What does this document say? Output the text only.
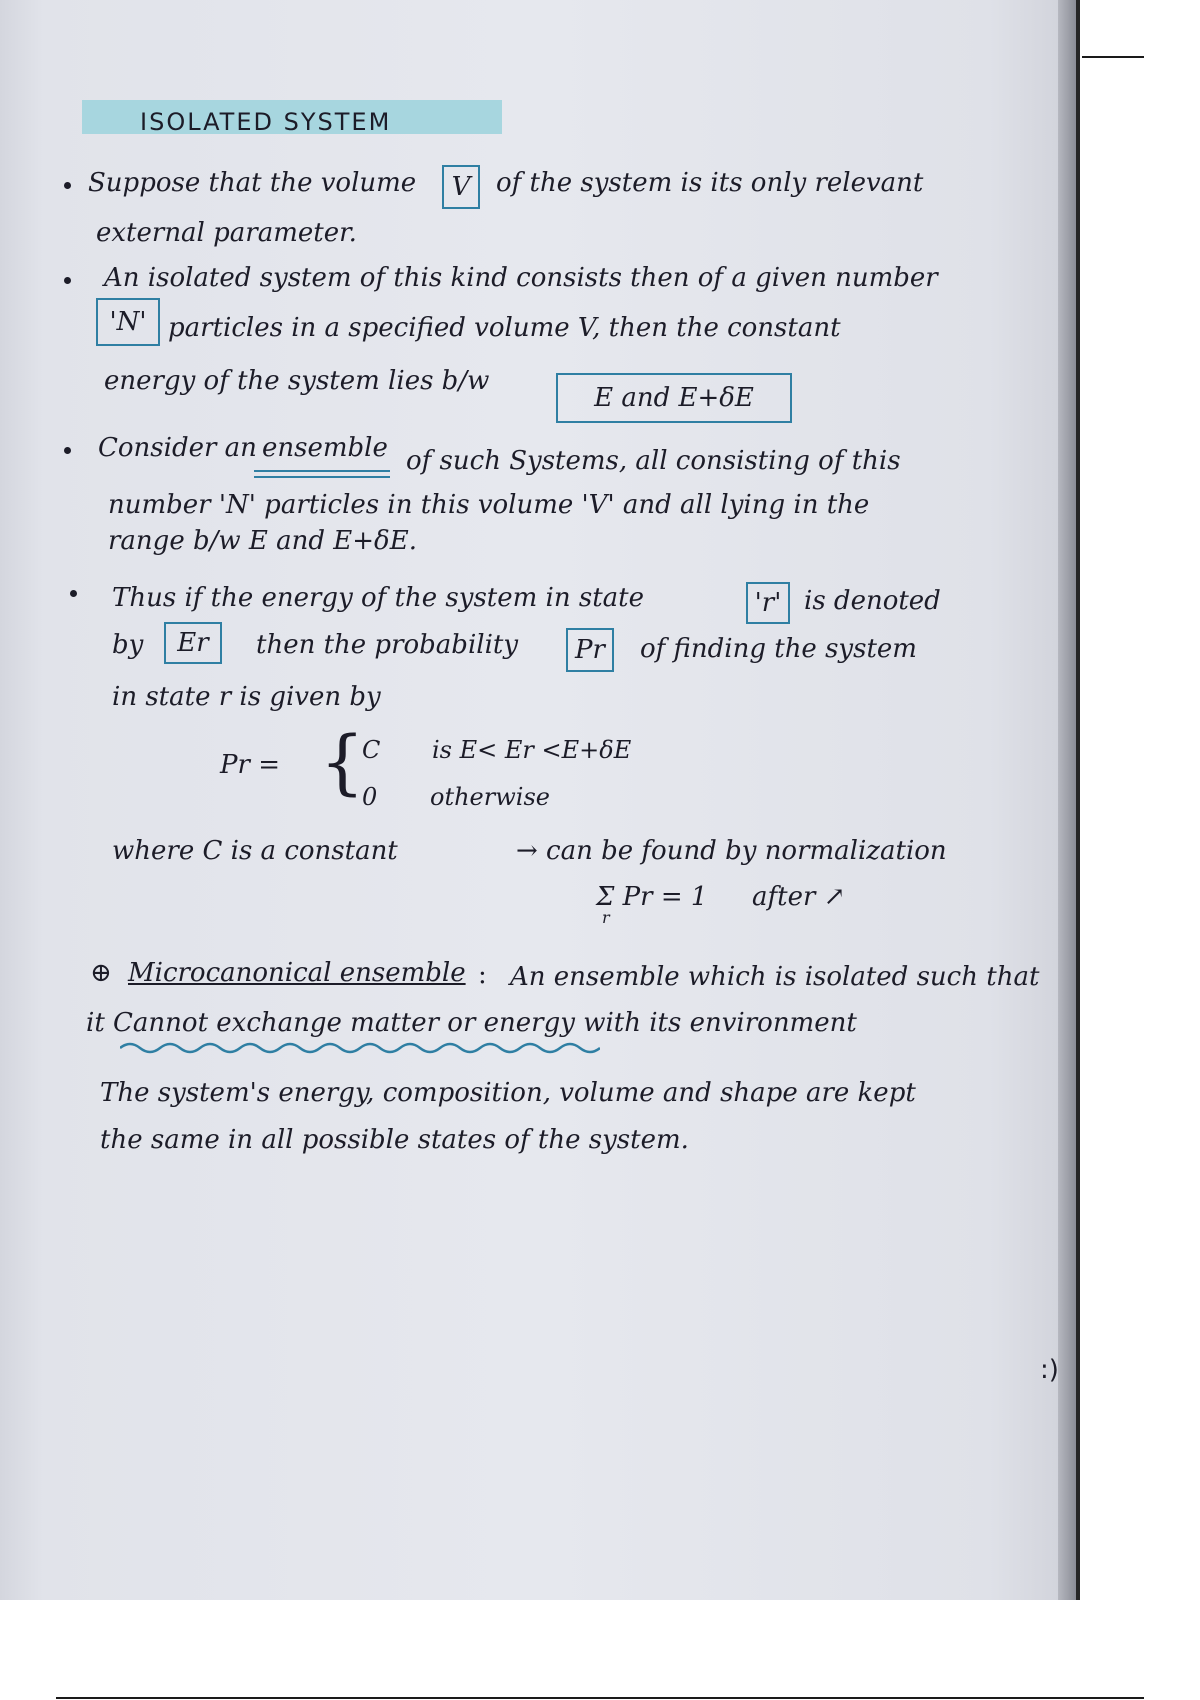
ISOLATED SYSTEM
Suppose that the volume	V of the system is its only relevant
external parameter.
An isolated system of this kind consists then of a given number
'N' particles in a specified volume V, then the constant
energy of the system lies b/w
E and E+δE
Consider an ensemble of such Systems, all consisting of this
number 'N' particles in this volume 'V' and all lying in the
range b/w E and E+δE.
Thus if the energy of the system in state	'r' is denoted
by	Er	then the probability	Pr	of finding the system
in state r is given by
Pr = {
C is E< Er <E+δE
0 otherwise
where C is a constant	→ can be found by normalization
Σ Pr = 1
r
after ↗
⊕ Microcanonical ensemble : An ensemble which is isolated such that
it Cannot exchange matter or energy with its environment
The system's energy, composition, volume and shape are kept
the same in all possible states of the system.
:)
